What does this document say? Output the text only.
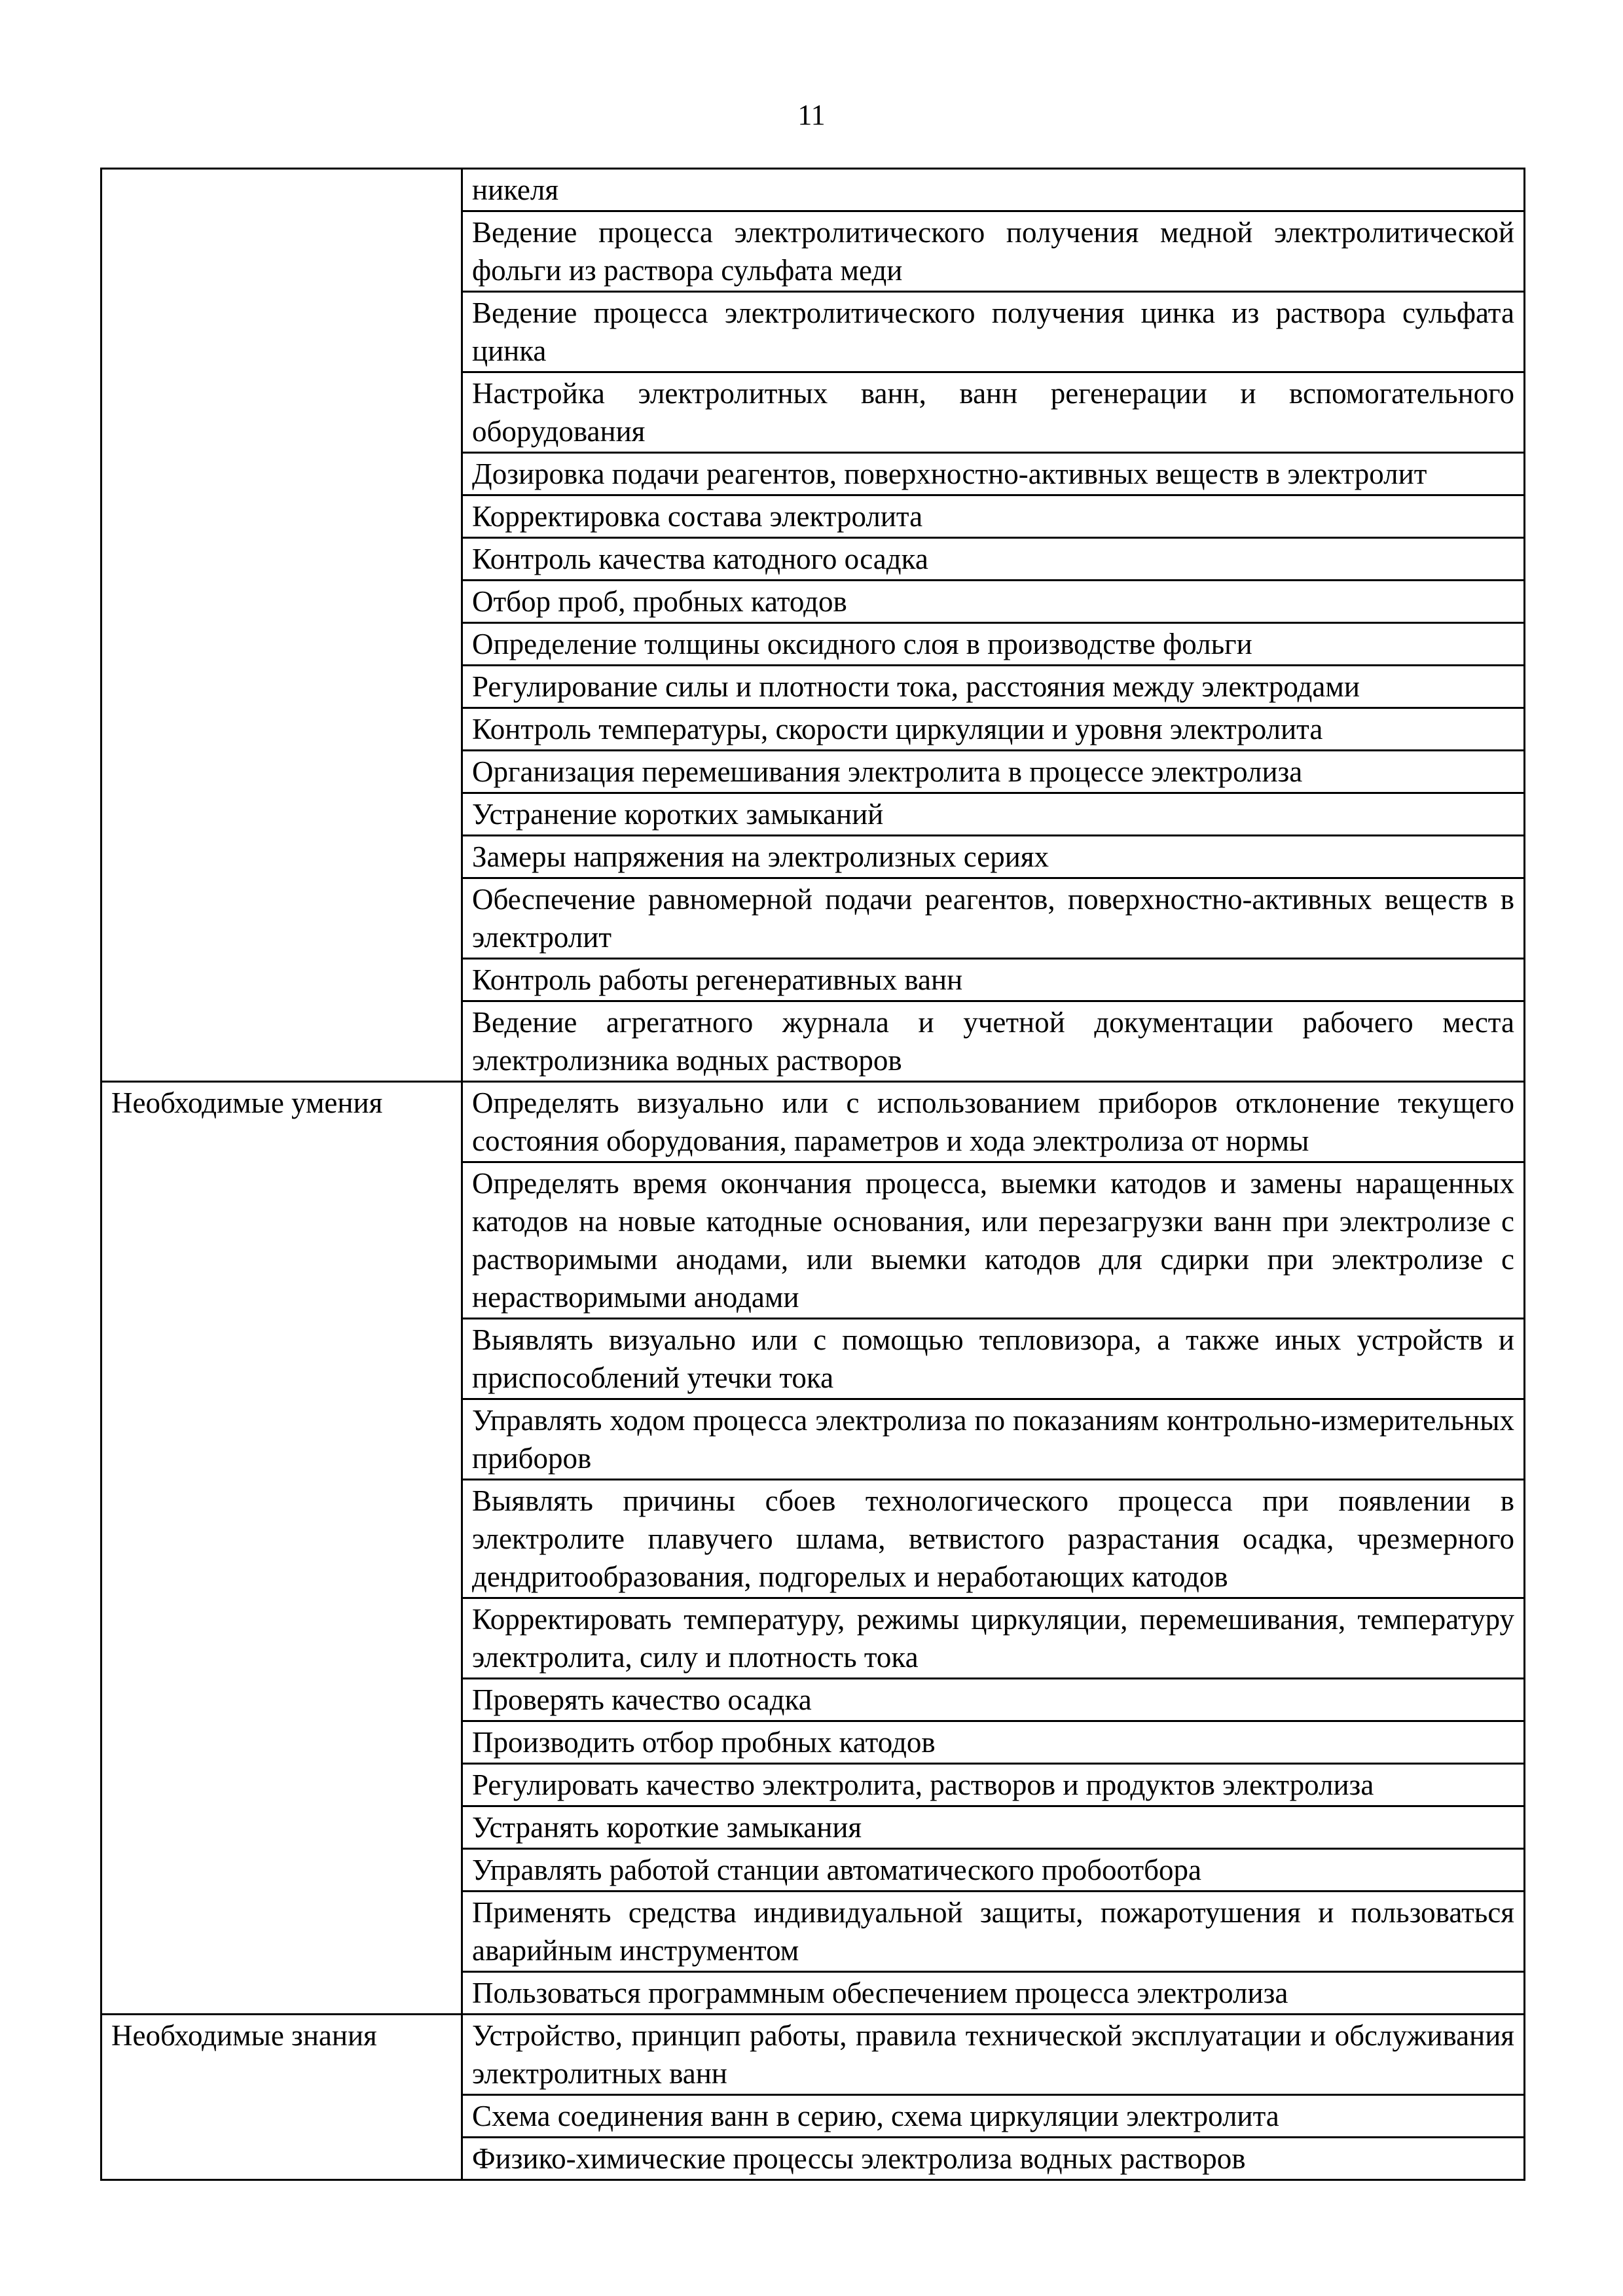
11
	никеля
	Ведение процесса электролитического получения медной электролитической фольги из раствора сульфата меди
	Ведение процесса электролитического получения цинка из раствора сульфата цинка
	Настройка электролитных ванн, ванн регенерации и вспомогательного оборудования
	Дозировка подачи реагентов, поверхностно-активных веществ в электролит
	Корректировка состава электролита
	Контроль качества катодного осадка
	Отбор проб, пробных катодов
	Определение толщины оксидного слоя в производстве фольги
	Регулирование силы и плотности тока, расстояния между электродами
	Контроль температуры, скорости циркуляции и уровня электролита
	Организация перемешивания электролита в процессе электролиза
	Устранение коротких замыканий
	Замеры напряжения на электролизных сериях
	Обеспечение равномерной подачи реагентов, поверхностно-активных веществ в электролит
	Контроль работы регенеративных ванн
	Ведение агрегатного журнала и учетной документации рабочего места электролизника водных растворов
Необходимые умения	Определять визуально или с использованием приборов отклонение текущего состояния оборудования, параметров и хода электролиза от нормы
	Определять время окончания процесса, выемки катодов и замены наращенных катодов на новые катодные основания, или перезагрузки ванн при электролизе с растворимыми анодами, или выемки катодов для сдирки при электролизе с нерастворимыми анодами
	Выявлять визуально или с помощью тепловизора, а также иных устройств и приспособлений утечки тока
	Управлять ходом процесса электролиза по показаниям контрольно-измерительных приборов
	Выявлять причины сбоев технологического процесса при появлении в электролите плавучего шлама, ветвистого разрастания осадка, чрезмерного дендритообразования, подгорелых и неработающих катодов
	Корректировать температуру, режимы циркуляции, перемешивания, температуру электролита, силу и плотность тока
	Проверять качество осадка
	Производить отбор пробных катодов
	Регулировать качество электролита, растворов и продуктов электролиза
	Устранять короткие замыкания
	Управлять работой станции автоматического пробоотбора
	Применять средства индивидуальной защиты, пожаротушения и пользоваться аварийным инструментом
	Пользоваться программным обеспечением процесса электролиза
Необходимые знания	Устройство, принцип работы, правила технической эксплуатации и обслуживания электролитных ванн
	Схема соединения ванн в серию, схема циркуляции электролита
	Физико-химические процессы электролиза водных растворов
